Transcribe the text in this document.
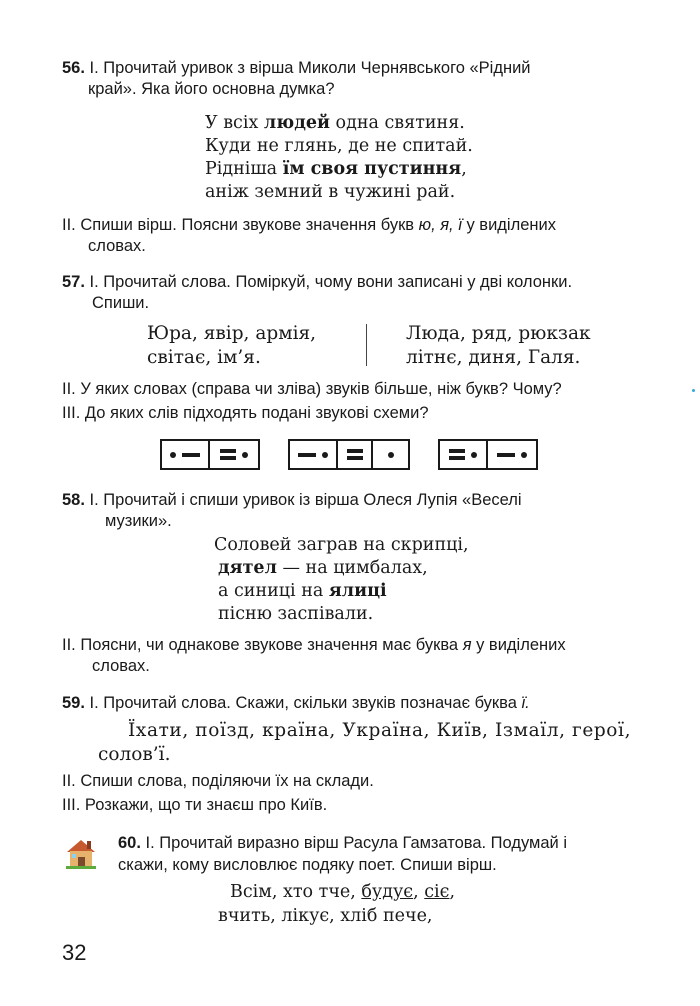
56. І. Прочитай уривок з вірша Миколи Чернявського «Рідний
край». Яка його основна думка?
У всіх людей одна святиня.
Куди не глянь, де не спитай.
Рідніша їм своя пустиння,
аніж земний в чужині рай.
ІІ. Спиши вірш. Поясни звукове значення букв ю, я, ї у виділених
словах.
57. І. Прочитай слова. Поміркуй, чому вони записані у дві колонки.
Спиши.
Юра, явір, армія,
світає, ім’я.
Люда, ряд, рюкзак
літнє, диня, Галя.
ІІ. У яких словах (справа чи зліва) звуків більше, ніж букв? Чому?
ІІІ. До яких слів підходять подані звукові схеми?

58. І. Прочитай і спиши уривок із вірша Олеся Лупія «Веселі
музики».
Соловей заграв на скрипці,
дятел — на цимбалах,
а синиці на ялиці
пісню заспівали.
ІІ. Поясни, чи однакове звукове значення має буква я у виділених
словах.
59. І. Прочитай слова. Скажи, скільки звуків позначає буква ї.
Їхати, поїзд, країна, Україна, Київ, Ізмаїл, герої,
солов’ї.
ІІ. Спиши слова, поділяючи їх на склади.
ІІІ. Розкажи, що ти знаєш про Київ.
60. І. Прочитай виразно вірш Расула Гамзатова. Подумай і
скажи, кому висловлює подяку поет. Спиши вірш.
Всім, хто тче, будує, сіє,
вчить, лікує, хліб пече,
32
